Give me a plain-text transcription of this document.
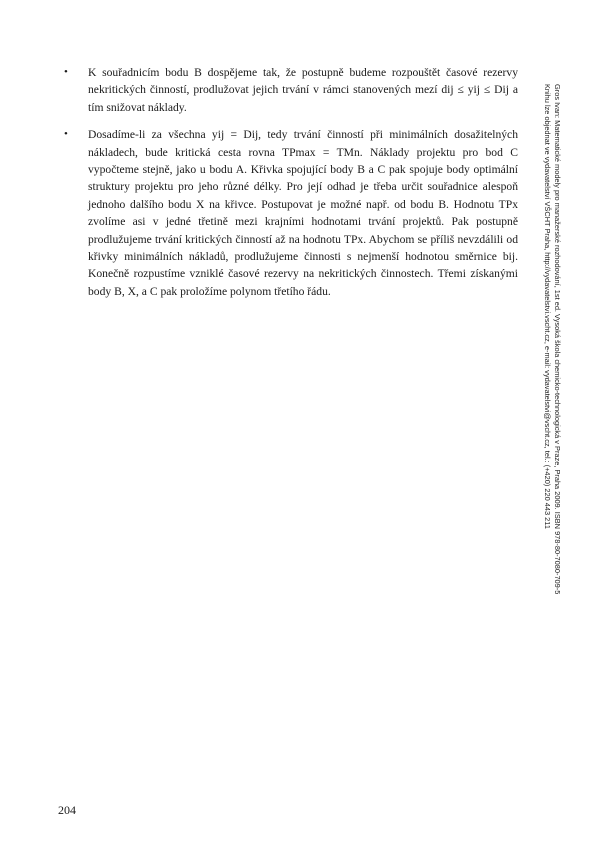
• K souřadnicím bodu B dospějeme tak, že postupně budeme rozpouštět časové rezervy nekritických činností, prodlužovat jejich trvání v rámci stanovených mezí dij ≤ yij ≤ Dij a tím snižovat náklady.
• Dosadíme-li za všechna yij = Dij, tedy trvání činností při minimálních dosažitelných nákladech, bude kritická cesta rovna TPmax = TMn. Náklady projektu pro bod C vypočteme stejně, jako u bodu A. Křivka spojující body B a C pak spojuje body optimální struktury projektu pro jeho různé délky. Pro její odhad je třeba určit souřadnice alespoň jednoho dalšího bodu X na křivce. Postupovat je možné např. od bodu B. Hodnotu TPx zvolíme asi v jedné třetině mezi krajními hodnotami trvání projektů. Pak postupně prodlužujeme trvání kritických činností až na hodnotu TPx. Abychom se příliš nevzdálili od křivky minimálních nákladů, prodlužujeme činnosti s nejmenší hodnotou směrnice bij. Konečně rozpustíme vzniklé časové rezervy na nekritických činnostech. Třemi získanými body B, X, a C pak proložíme polynom třetího řádu.	Gros Ivan: Matematické modely pro manažerské rozhodování, 1st ed. Vysoká škola chemicko-technologická v Praze, Praha 2009. ISBN 978-80-7080-709-5
Knihu lze objednat ve vydavatelství VŠCHT Praha, http://vydavatelstvi.vscht.cz, e-mail: vydavatelstvi@vscht.cz, tel.: (+420) 220 443 211
204
